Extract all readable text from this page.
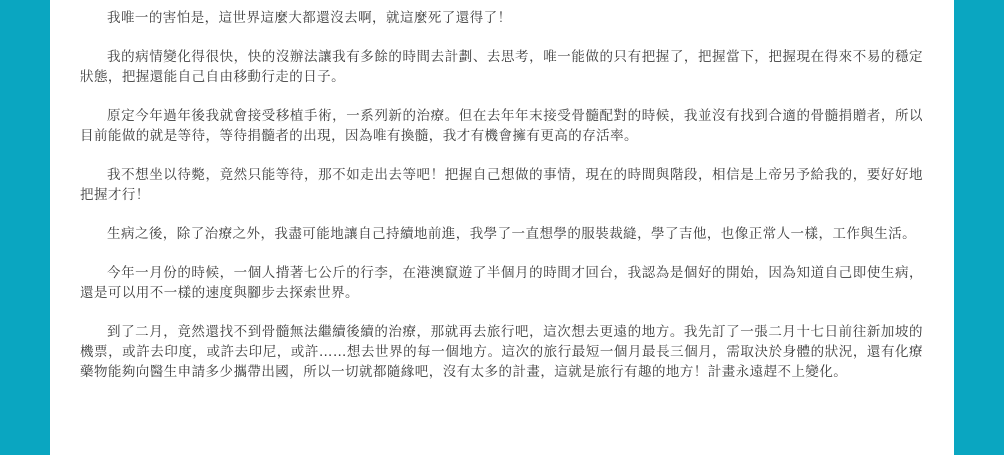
我唯一的害怕是，這世界這麼大都還沒去啊，就這麼死了還得了！

我的病情變化得很快，快的沒辦法讓我有多餘的時間去計劃、去思考，唯一能做的只有把握了，把握當下，把握現在得來不易的穩定狀態，把握還能自己自由移動行走的日子。

原定今年過年後我就會接受移植手術，一系列新的治療。但在去年年末接受骨髓配對的時候，我並沒有找到合適的骨髓捐贈者，所以目前能做的就是等待，等待捐髓者的出現，因為唯有換髓，我才有機會擁有更高的存活率。

我不想坐以待斃，竟然只能等待，那不如走出去等吧！把握自己想做的事情，現在的時間與階段，相信是上帝另予給我的，要好好地把握才行！

生病之後，除了治療之外，我盡可能地讓自己持續地前進，我學了一直想學的服裝裁縫，學了吉他，也像正常人一樣，工作與生活。

今年一月份的時候，一個人揹著七公斤的行李，在港澳竄遊了半個月的時間才回台，我認為是個好的開始，因為知道自己即使生病，還是可以用不一樣的速度與腳步去探索世界。

到了二月，竟然還找不到骨髓無法繼續後續的治療，那就再去旅行吧，這次想去更遠的地方。我先訂了一張二月十七日前往新加坡的機票，或許去印度，或許去印尼，或許……想去世界的每一個地方。這次的旅行最短一個月最長三個月，需取決於身體的狀況，還有化療藥物能夠向醫生申請多少攜帶出國，所以一切就都隨緣吧，沒有太多的計畫，這就是旅行有趣的地方！計畫永遠趕不上變化。
